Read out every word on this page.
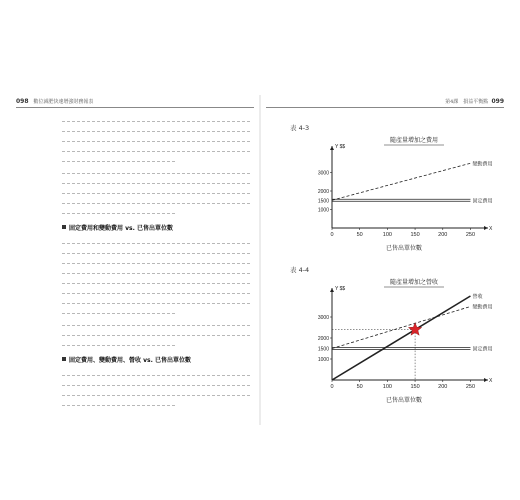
098 數位減肥快速增強財務報表
固定費用和變動費用 vs. 已售出單位數
固定費用、變動費用、營收 vs. 已售出單位數
第4課　損益平衡點 099
表 4-3
Y $$
X
0	50	100	150	200	250
1000
2000
3000
隨產量增加之費用
變動費用
固定費用
1500
已售出單位數
表 4-4
Y $$
X
0	50	100	150	200	250
1000
2000
3000
隨產量增加之營收
營收
變動費用
固定費用
1500
已售出單位數
